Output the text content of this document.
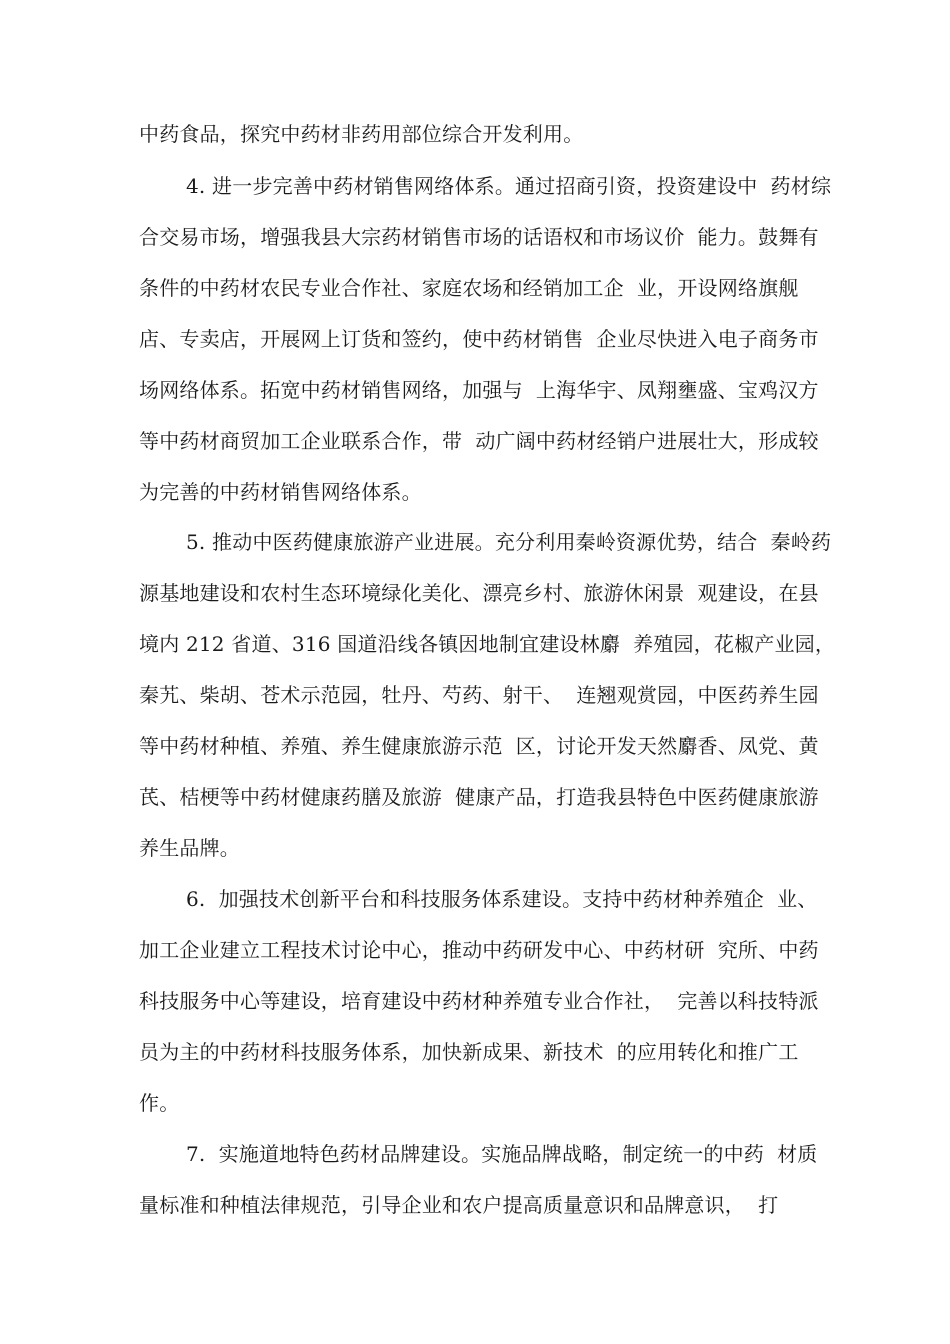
中药食品，探究中药材非药用部位综合开发利用。
4. 进一步完善中药材销售网络体系。通过招商引资，投资建设中  药材综
合交易市场，增强我县大宗药材销售市场的话语权和市场议价  能力。鼓舞有
条件的中药材农民专业合作社、家庭农场和经销加工企  业，开设网络旗舰
店、专卖店，开展网上订货和签约，使中药材销售  企业尽快进入电子商务市
场网络体系。拓宽中药材销售网络，加强与  上海华宇、凤翔壅盛、宝鸡汉方
等中药材商贸加工企业联系合作，带  动广阔中药材经销户进展壮大，形成较
为完善的中药材销售网络体系。
5. 推动中医药健康旅游产业进展。充分利用秦岭资源优势，结合  秦岭药
源基地建设和农村生态环境绿化美化、漂亮乡村、旅游休闲景  观建设，在县
境内 212 省道、316 国道沿线各镇因地制宜建设林麝  养殖园，花椒产业园，
秦艽、柴胡、苍术示范园，牡丹、芍药、射干、  连翘观赏园，中医药养生园
等中药材种植、养殖、养生健康旅游示范  区，讨论开发天然麝香、凤党、黄
芪、桔梗等中药材健康药膳及旅游  健康产品，打造我县特色中医药健康旅游
养生品牌。
6.  加强技术创新平台和科技服务体系建设。支持中药材种养殖企  业、
加工企业建立工程技术讨论中心，推动中药研发中心、中药材研  究所、中药
科技服务中心等建设，培育建设中药材种养殖专业合作社，  完善以科技特派
员为主的中药材科技服务体系，加快新成果、新技术  的应用转化和推广工
作。
7.  实施道地特色药材品牌建设。实施品牌战略，制定统一的中药  材质
量标准和种植法律规范，引导企业和农户提高质量意识和品牌意识，  打
